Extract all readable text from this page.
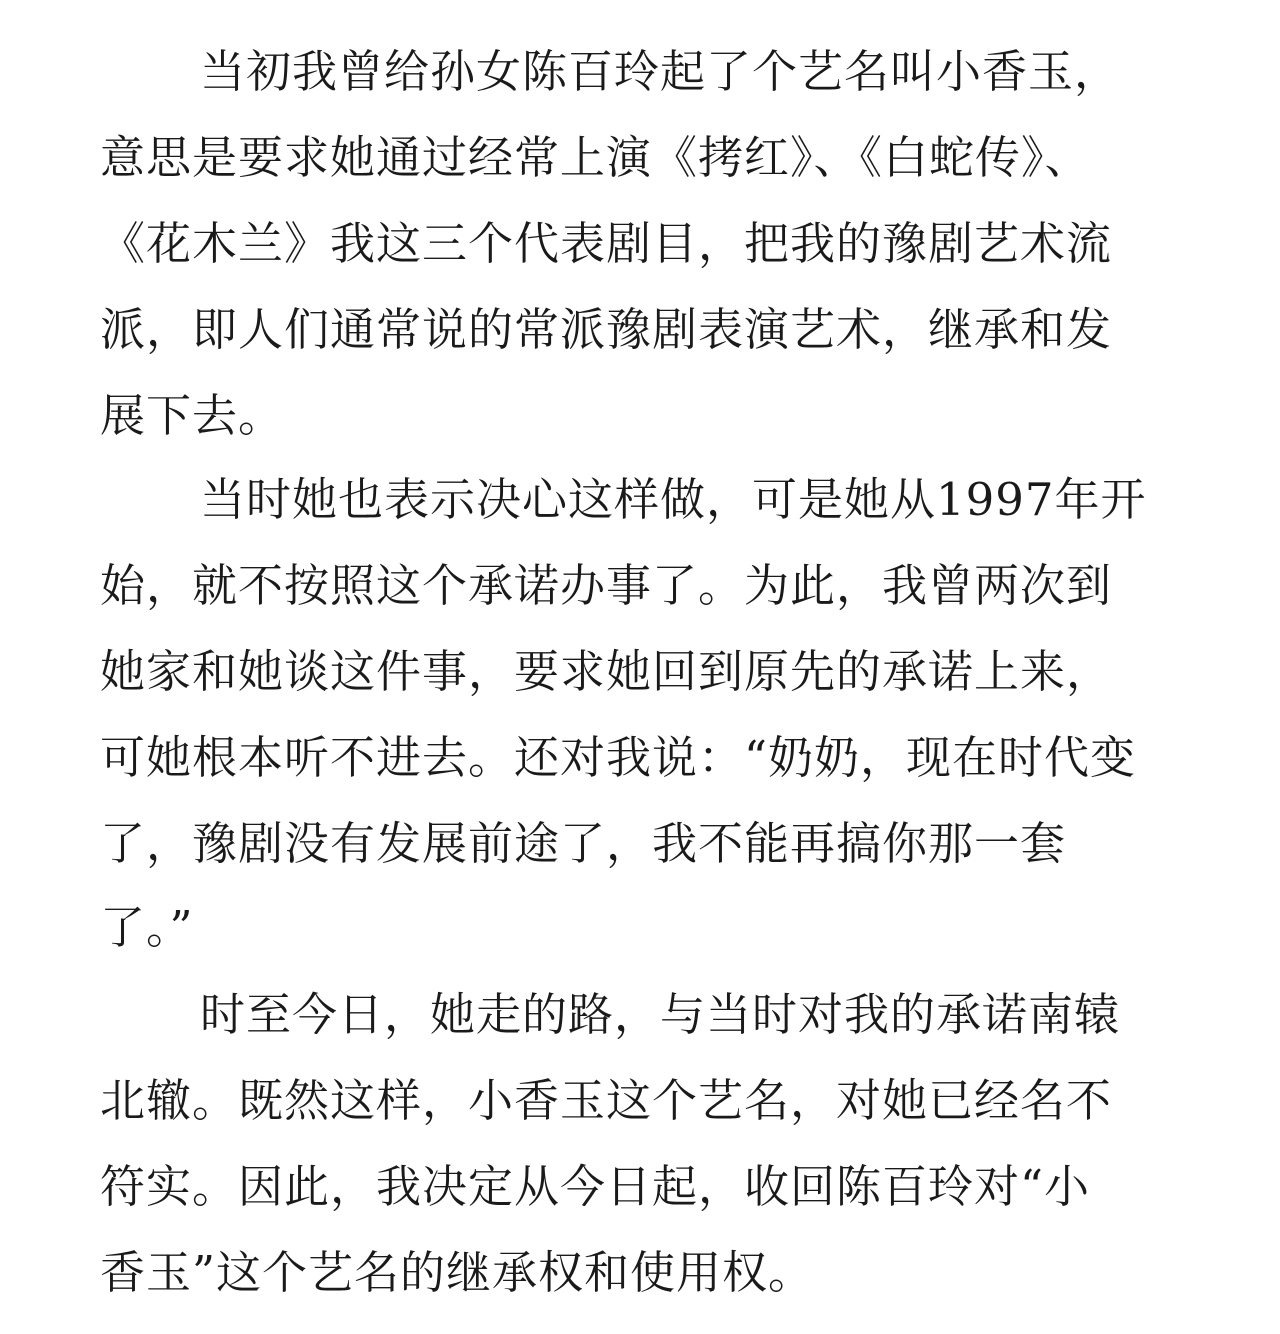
当初我曾给孙女陈百玲起了个艺名叫小香玉，
意思是要求她通过经常上演《拷红》、《白蛇传》、
《花木兰》我这三个代表剧目，把我的豫剧艺术流
派，即人们通常说的常派豫剧表演艺术，继承和发
展下去。
当时她也表示决心这样做，可是她从1997年开
始，就不按照这个承诺办事了。为此，我曾两次到
她家和她谈这件事，要求她回到原先的承诺上来，
可她根本听不进去。还对我说：“奶奶，现在时代变
了，豫剧没有发展前途了，我不能再搞你那一套
了。”
时至今日，她走的路，与当时对我的承诺南辕
北辙。既然这样，小香玉这个艺名，对她已经名不
符实。因此，我决定从今日起，收回陈百玲对“小
香玉”这个艺名的继承权和使用权。
